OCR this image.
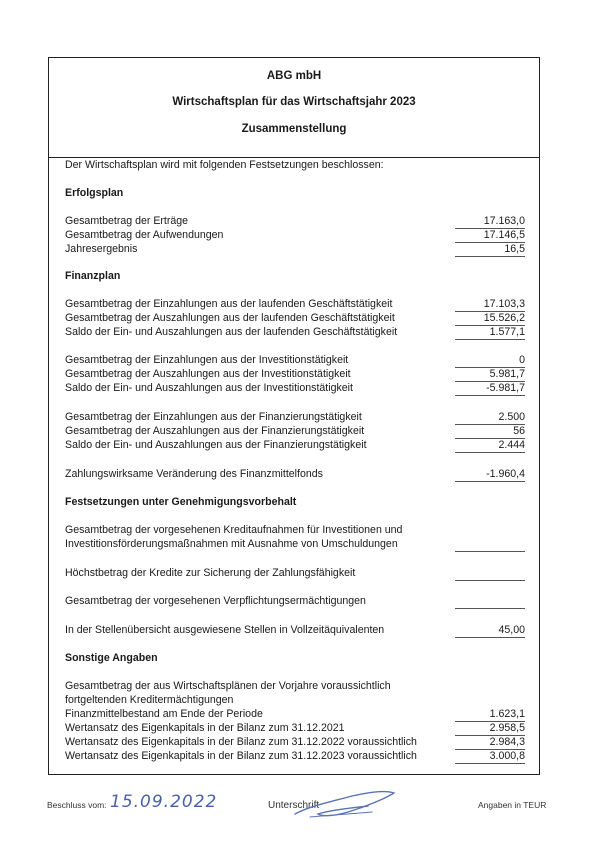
ABG mbH
Wirtschaftsplan für das Wirtschaftsjahr 2023
Zusammenstellung
Der Wirtschaftsplan wird mit folgenden Festsetzungen beschlossen:
Erfolgsplan
Gesamtbetrag der Erträge	17.163,0
Gesamtbetrag der Aufwendungen	17.146,5
Jahresergebnis	16,5
Finanzplan
Gesamtbetrag der Einzahlungen aus der laufenden Geschäftstätigkeit	17.103,3
Gesamtbetrag der Auszahlungen aus der laufenden Geschäftstätigkeit	15.526,2
Saldo der Ein- und Auszahlungen aus der laufenden Geschäftstätigkeit	1.577,1
Gesamtbetrag der Einzahlungen aus der Investitionstätigkeit	0
Gesamtbetrag der Auszahlungen aus der Investitionstätigkeit	5.981,7
Saldo der Ein- und Auszahlungen aus der Investitionstätigkeit	-5.981,7
Gesamtbetrag der Einzahlungen aus der Finanzierungstätigkeit	2.500
Gesamtbetrag der Auszahlungen aus der Finanzierungstätigkeit	56
Saldo der Ein- und Auszahlungen aus der Finanzierungstätigkeit	2.444
Zahlungswirksame Veränderung des Finanzmittelfonds	-1.960,4
Festsetzungen unter Genehmigungsvorbehalt
Gesamtbetrag der vorgesehenen Kreditaufnahmen für Investitionen und
Investitionsförderungsmaßnahmen mit Ausnahme von Umschuldungen
Höchstbetrag der Kredite zur Sicherung der Zahlungsfähigkeit
Gesamtbetrag der vorgesehenen Verpflichtungsermächtigungen
In der Stellenübersicht ausgewiesene Stellen in Vollzeitäquivalenten	45,00
Sonstige Angaben
Gesamtbetrag der aus Wirtschaftsplänen der Vorjahre voraussichtlich
fortgeltenden Kreditermächtigungen
Finanzmittelbestand am Ende der Periode	1.623,1
Wertansatz des Eigenkapitals in der Bilanz zum 31.12.2021	2.958,5
Wertansatz des Eigenkapitals in der Bilanz zum 31.12.2022 voraussichtlich	2.984,3
Wertansatz des Eigenkapitals in der Bilanz zum 31.12.2023 voraussichtlich	3.000,8
Beschluss vom: 15.09.2022	Unterschrift	Angaben in TEUR
